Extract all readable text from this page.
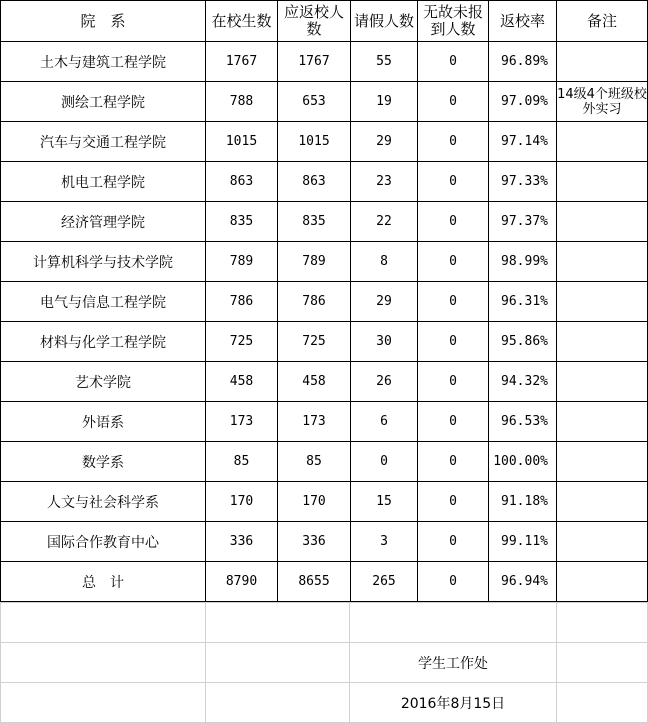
院　系	在校生数	应返校人数	请假人数	无故未报到人数	返校率	备注
土木与建筑工程学院	1767	1767	55	0	96.89%	
测绘工程学院	788	653	19	0	97.09%	14级4个班级校外实习
汽车与交通工程学院	1015	1015	29	0	97.14%	
机电工程学院	863	863	23	0	97.33%	
经济管理学院	835	835	22	0	97.37%	
计算机科学与技术学院	789	789	8	0	98.99%	
电气与信息工程学院	786	786	29	0	96.31%	
材料与化学工程学院	725	725	30	0	95.86%	
艺术学院	458	458	26	0	94.32%	
外语系	173	173	6	0	96.53%	
数学系	85	85	0	0	100.00%	
人文与社会科学系	170	170	15	0	91.18%	
国际合作教育中心	336	336	3	0	99.11%	
总　计	8790	8655	265	0	96.94%	

		学生工作处	
		2016年8月15日	
